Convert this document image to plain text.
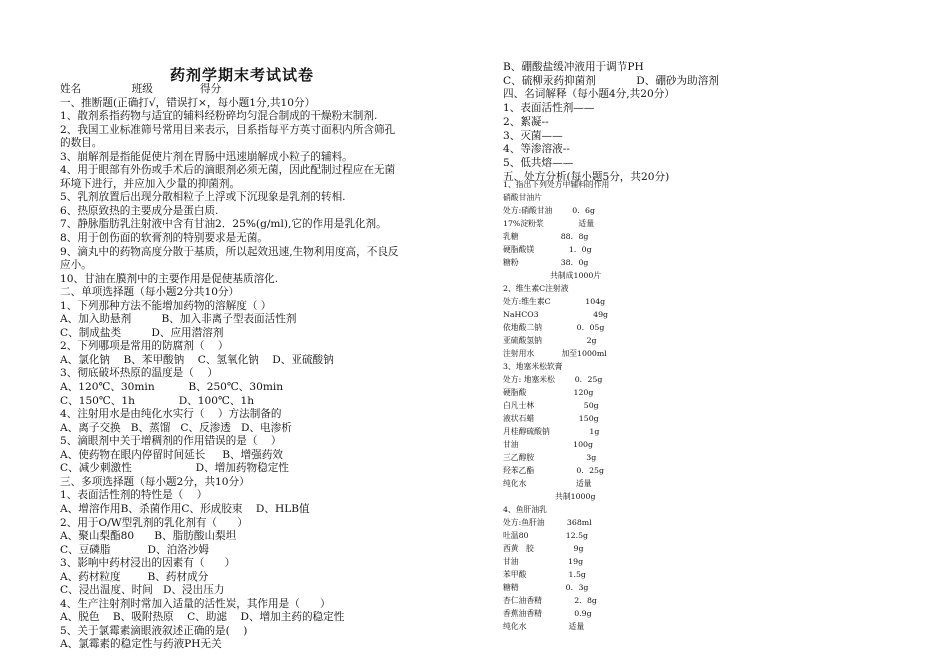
药剂学期末考试试卷
姓名               班级              得分
一、推断题(正确打√，错误打×，每小题1分,共10分）
1、散剂系指药物与适宜的辅料经粉碎均匀混合制成的干燥粉末制剂.
2、我国工业标准筛号常用目来表示，目系指每平方英寸面积内所含筛孔
的数目。
3、崩解剂是指能促使片剂在胃肠中迅速崩解成小粒子的辅料。
4、用于眼部有外伤或手术后的滴眼剂必须无菌，因此配制过程应在无菌
环境下进行，并应加入少量的抑菌剂。
5、乳剂放置后出现分散相粒子上浮或下沉现象是乳剂的转相.
6、热原致热的主要成分是蛋白质.
7、静脉脂肪乳注射液中含有甘油2．25%(g/ml),它的作用是乳化剂。
8、用于创伤面的软膏剂的特别要求是无菌。
9、滴丸中的药物高度分散于基质，所以起效迅速,生物利用度高，不良反
应小。
10、甘油在膜剂中的主要作用是促使基质溶化.
二、单项选择题（每小题2分共10分）
1、下列那种方法不能增加药物的溶解度（ ）
A、加入助悬剂         B、加入非离子型表面活性剂
C、制成盐类         D、应用潜溶剂
2、下列哪项是常用的防腐剂（    ）
A、氯化钠    B、苯甲酸钠    C、氢氧化钠    D、亚硫酸钠
3、彻底破坏热原的温度是（    ）
A、120℃、30min          B、250℃、30min
C、150℃、1h             D、100℃、1h
4、注射用水是由纯化水实行（    ）方法制备的
A、离子交换   B、蒸馏   C、反渗透   D、电渗析
5、滴眼剂中关于增稠剂的作用错误的是（    ）
A、使药物在眼内停留时间延长     B、增强药效
C、减少刺激性                   D、增加药物稳定性
三、多项选择题（每小题2分，共10分）
1、表面活性剂的特性是（    ）
A、增溶作用B、杀菌作用C、形成胶束    D、HLB值
2、用于O/W型乳剂的乳化剂有（      ）
A、聚山梨酯80      B、脂肪酸山梨坦
C、豆磷脂           D、泊洛沙姆
3、影响中药材浸出的因素有（      ）
A、药材粒度        B、药材成分
C、浸出温度、时间   D、浸出压力
4、生产注射剂时常加入适量的活性炭，其作用是（      ）
A、脱色    B、吸附热原    C、助滤    D、增加主药的稳定性
5、关于氯霉素滴眼液叙述正确的是(    )
A、氯霉素的稳定性与药液PH无关
B、硼酸盐缓冲液用于调节PH
C、硫柳汞药抑菌剂            D、硼砂为助溶剂
四、名词解释（每小题4分,共20分）
1、表面活性剂——
2、絮凝--
3、灭菌——
4、等渗溶液--
5、低共熔——
五、处方分析(每小题5分，共20分)
1、指出下列处方中辅料的作用
硝酸甘油片
处方:硝酸甘油        0．6g
17%淀粉浆              适量
乳糖                 88．8g
硬脂酸镁              1．0g
糖粉                 38．0g
共制成1000片
2、维生素C注射液
处方:维生素C              104g
NaHCO3                      49g
依地酸二钠              0．05g
亚硫酸氢钠                  2g
注射用水           加至1000ml
3、地塞米松软膏
处方: 地塞米松        0．25g
硬脂酸                   120g
白凡士林                    50g
液状石蜡                  150g
月桂醇硫酸钠                1g
甘油                      100g
三乙醇胺                     3g
羟苯乙酯                 0．25g
纯化水                    适量
共制1000g
4、鱼肝油乳
处方:鱼肝油         368ml
吐温80               12.5g
西黄   胶                9g
甘油                    19g
苯甲酸                 1.5g
糖精                   0．3g
杏仁油香精             2．8g
香蕉油香精             0.9g
纯化水                 适量
